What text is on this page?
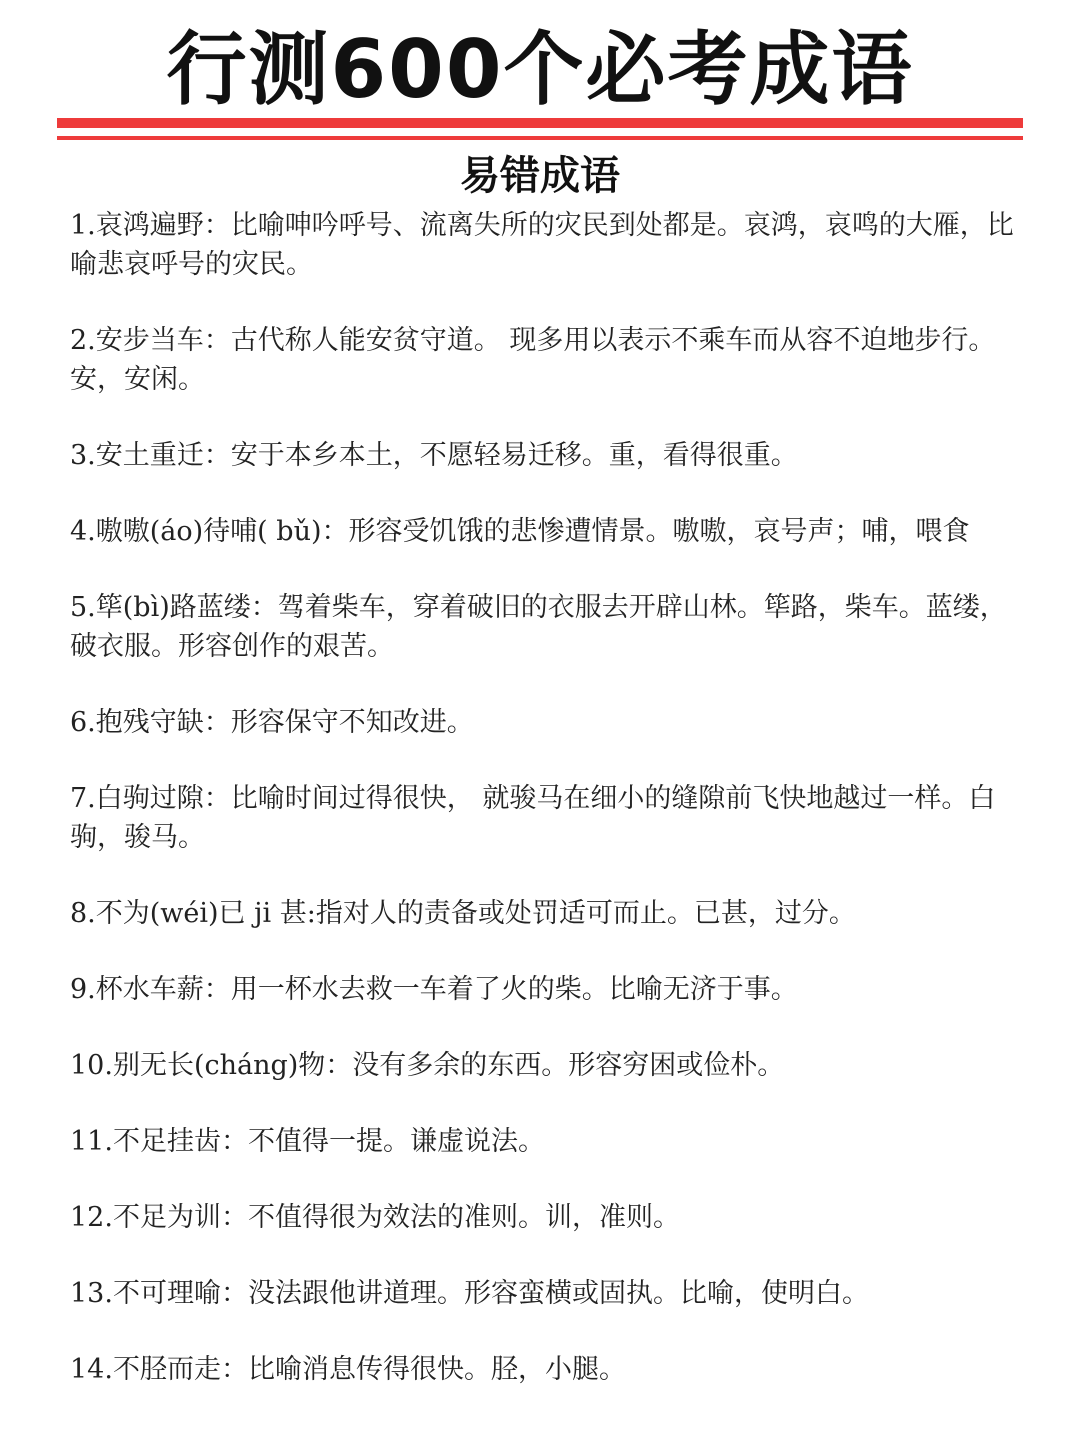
行测600个必考成语
易错成语
1.哀鸿遍野：比喻呻吟呼号、流离失所的灾民到处都是。哀鸿，哀鸣的大雁，比喻悲哀呼号的灾民。
2.安步当车：古代称人能安贫守道。 现多用以表示不乘车而从容不迫地步行。安，安闲。
3.安土重迁：安于本乡本土，不愿轻易迁移。重，看得很重。
4.嗷嗷(áo)待哺( bǔ)：形容受饥饿的悲惨遭情景。嗷嗷，哀号声；哺，喂食
5.筚(bì)路蓝缕：驾着柴车，穿着破旧的衣服去开辟山林。筚路，柴车。蓝缕，破衣服。形容创作的艰苦。
6.抱残守缺：形容保守不知改进。
7.白驹过隙：比喻时间过得很快， 就骏马在细小的缝隙前飞快地越过一样。白驹，骏马。
8.不为(wéi)已 ji 甚:指对人的责备或处罚适可而止。已甚，过分。
9.杯水车薪：用一杯水去救一车着了火的柴。比喻无济于事。
10.别无长(cháng)物：没有多余的东西。形容穷困或俭朴。
11.不足挂齿：不值得一提。谦虚说法。
12.不足为训：不值得很为效法的准则。训，准则。
13.不可理喻：没法跟他讲道理。形容蛮横或固执。比喻，使明白。
14.不胫而走：比喻消息传得很快。胫，小腿。
